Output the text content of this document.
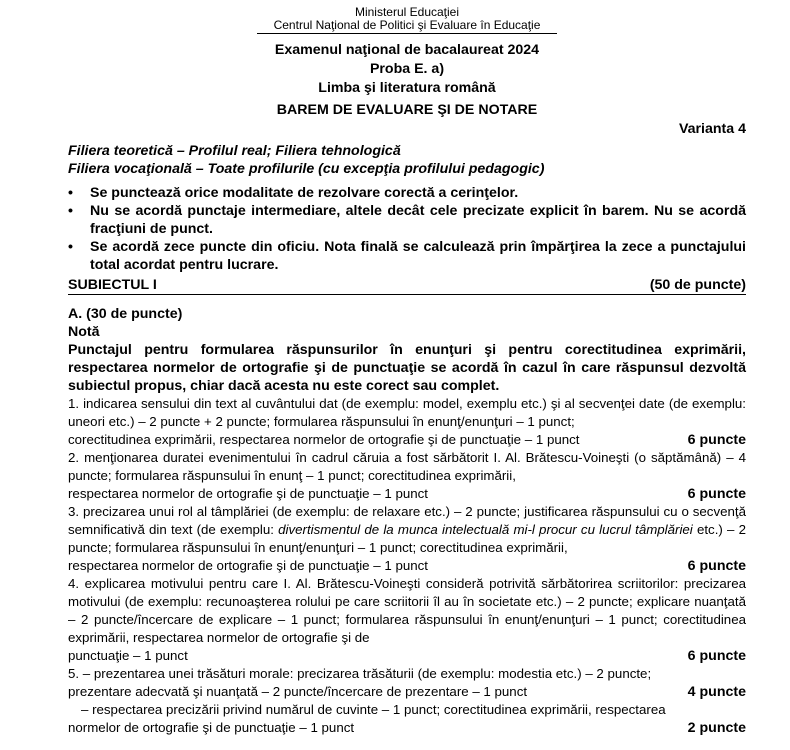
Ministerul Educaţiei

Centrul Naţional de Politici şi Evaluare în Educaţie

Examenul naţional de bacalaureat 2024

Proba E. a)

Limba şi literatura română

BAREM DE EVALUARE ŞI DE NOTARE

Varianta 4

Filiera teoretică – Profilul real; Filiera tehnologică

Filiera vocaţională – Toate profilurile (cu excepţia profilului pedagogic)

• Se punctează orice modalitate de rezolvare corectă a cerinţelor.
• Nu se acordă punctaje intermediare, altele decât cele precizate explicit în barem. Nu se acordă fracţiuni de punct.
• Se acordă zece puncte din oficiu. Nota finală se calculează prin împărţirea la zece a punctajului total acordat pentru lucrare.
SUBIECTUL I	(50 de puncte)
A. (30 de puncte)
Notă
Punctajul pentru formularea răspunsurilor în enunţuri şi pentru corectitudinea exprimării, respectarea normelor de ortografie şi de punctuaţie se acordă în cazul în care răspunsul dezvoltă subiectul propus, chiar dacă acesta nu este corect sau complet.
1. indicarea sensului din text al cuvântului dat (de exemplu: model, exemplu etc.) şi al secvenţei date (de exemplu: uneori etc.) – 2 puncte + 2 puncte; formularea răspunsului în enunţ/enunţuri – 1 punct;
corectitudinea exprimării, respectarea normelor de ortografie şi de punctuaţie – 1 punct	6 puncte
2. menţionarea duratei evenimentului în cadrul căruia a fost sărbătorit I. Al. Brătescu-Voineşti (o săptămână) – 4 puncte; formularea răspunsului în enunţ – 1 punct; corectitudinea exprimării,
respectarea normelor de ortografie şi de punctuaţie – 1 punct	6 puncte
3. precizarea unui rol al tâmplăriei (de exemplu: de relaxare etc.) – 2 puncte; justificarea răspunsului cu o secvenţă semnificativă din text (de exemplu: divertismentul de la munca intelectuală mi-l procur cu lucrul tâmplăriei etc.) – 2 puncte; formularea răspunsului în enunţ/enunţuri – 1 punct; corectitudinea exprimării,
respectarea normelor de ortografie şi de punctuaţie – 1 punct	6 puncte
4. explicarea motivului pentru care I. Al. Brătescu-Voineşti consideră potrivită sărbătorirea scriitorilor: precizarea motivului (de exemplu: recunoaşterea rolului pe care scriitorii îl au în societate etc.) – 2 puncte; explicare nuanţată – 2 puncte/încercare de explicare – 1 punct; formularea răspunsului în enunţ/enunţuri – 1 punct; corectitudinea exprimării, respectarea normelor de ortografie şi de
punctuaţie – 1 punct	6 puncte
5. – prezentarea unei trăsături morale: precizarea trăsăturii (de exemplu: modestia etc.) – 2 puncte;
prezentare adecvată şi nuanţată – 2 puncte/încercare de prezentare – 1 punct	4 puncte
– respectarea precizării privind numărul de cuvinte – 1 punct; corectitudinea exprimării, respectarea
normelor de ortografie şi de punctuaţie – 1 punct	2 puncte
